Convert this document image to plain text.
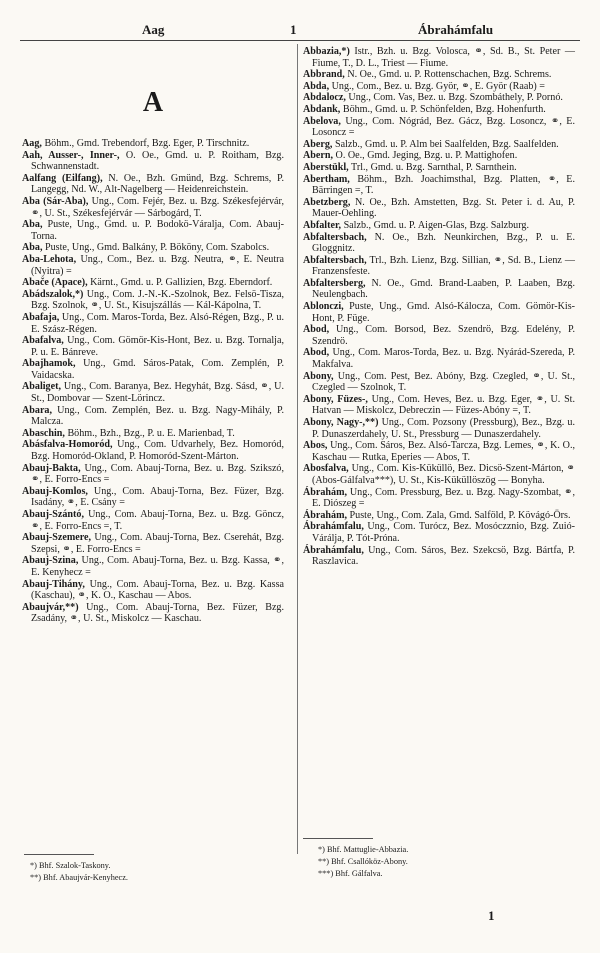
Aag	1	Ábrahámfalu
A

Aag, Böhm., Gmd. Trebendorf, Bzg. Eger, P. Tirschnitz.

Aah, Ausser-, Inner-, O. Oe., Gmd. u. P. Roitham, Bzg. Schwannenstadt.

Aalfang (Eilfang), N. Oe., Bzh. Gmünd, Bzg. Schrems, P. Langegg, Nd. W., Alt-Nagelberg — Heidenreichstein.

Aba (Sár-Aba), Ung., Com. Fejér, Bez. u. Bzg. Székesfejérvár, ⚭, U. St., Székesfejérvár — Sárbogárd, T.

Aba, Puste, Ung., Gmd. u. P. Bodokö-Váralja, Com. Abauj-Torna.

Aba, Puste, Ung., Gmd. Balkány, P. Bököny, Com. Szabolcs.

Aba-Lehota, Ung., Com., Bez. u. Bzg. Neutra, ⚭, E. Neutra (Nyitra) =

Abače (Apace), Kärnt., Gmd. u. P. Gallizien, Bzg. Eberndorf.

Abádszalok,*) Ung., Com. J.-N.-K.-Szolnok, Bez. Felsö-Tisza, Bzg. Szolnok, ⚭, U. St., Kisujszállás — Kál-Kápolna, T.

Abafaja, Ung., Com. Maros-Torda, Bez. Alsó-Régen, Bzg., P. u. E. Szász-Régen.

Abafalva, Ung., Com. Gömör-Kis-Hont, Bez. u. Bzg. Tornalja, P. u. E. Bánreve.

Abajhamok, Ung., Gmd. Sáros-Patak, Com. Zemplén, P. Vaidacska.

Abaliget, Ung., Com. Baranya, Bez. Hegyhát, Bzg. Sásd, ⚭, U. St., Dombovar — Szent-Lörincz.

Abara, Ung., Com. Zemplén, Bez. u. Bzg. Nagy-Mihály, P. Malcza.

Abaschin, Böhm., Bzh., Bzg., P. u. E. Marienbad, T.

Abásfalva-Homoród, Ung., Com. Udvarhely, Bez. Homoród, Bzg. Homoród-Okland, P. Homoród-Szent-Márton.

Abauj-Bakta, Ung., Com. Abauj-Torna, Bez. u. Bzg. Szikszó, ⚭, E. Forro-Encs =

Abauj-Komlos, Ung., Com. Abauj-Torna, Bez. Füzer, Bzg. Isadány, ⚭, E. Csány =

Abauj-Szántó, Ung., Com. Abauj-Torna, Bez. u. Bzg. Göncz, ⚭, E. Forro-Encs =, T.

Abauj-Szemere, Ung., Com. Abauj-Torna, Bez. Cserehát, Bzg. Szepsi, ⚭, E. Forro-Encs =

Abauj-Szina, Ung., Com. Abauj-Torna, Bez. u. Bzg. Kassa, ⚭, E. Kenyhecz =

Abauj-Tihány, Ung., Com. Abauj-Torna, Bez. u. Bzg. Kassa (Kaschau), ⚭, K. O., Kaschau — Abos.

Abaujvár,**) Ung., Com. Abauj-Torna, Bez. Füzer, Bzg. Zsadány, ⚭, U. St., Miskolcz — Kaschau.

Abbazia,*) Istr., Bzh. u. Bzg. Volosca, ⚭, Sd. B., St. Peter — Fiume, T., D. L., Triest — Fiume.

Abbrand, N. Oe., Gmd. u. P. Rottenschachen, Bzg. Schrems.

Abda, Ung., Com., Bez. u. Bzg. Györ, ⚭, E. Györ (Raab) =

Abdalocz, Ung., Com. Vas, Bez. u. Bzg. Szombáthely, P. Pornó.

Abdank, Böhm., Gmd. u. P. Schönfelden, Bzg. Hohenfurth.

Abelova, Ung., Com. Nógrád, Bez. Gácz, Bzg. Losoncz, ⚭, E. Losoncz =

Aberg, Salzb., Gmd. u. P. Alm bei Saalfelden, Bzg. Saalfelden.

Abern, O. Oe., Gmd. Jeging, Bzg. u. P. Mattighofen.

Aberstükl, Trl., Gmd. u. Bzg. Sarnthal, P. Sarnthein.

Abertham, Böhm., Bzh. Joachimsthal, Bzg. Platten, ⚭, E. Bärringen =, T.

Abetzberg, N. Oe., Bzh. Amstetten, Bzg. St. Peter i. d. Au, P. Mauer-Oehling.

Abfalter, Salzb., Gmd. u. P. Aigen-Glas, Bzg. Salzburg.

Abfaltersbach, N. Oe., Bzh. Neunkirchen, Bzg., P. u. E. Gloggnitz.

Abfaltersbach, Trl., Bzh. Lienz, Bzg. Sillian, ⚭, Sd. B., Lienz — Franzensfeste.

Abfaltersberg, N. Oe., Gmd. Brand-Laaben, P. Laaben, Bzg. Neulengbach.

Ablonczi, Puste, Ung., Gmd. Alsó-Kálocza, Com. Gömör-Kis-Hont, P. Füge.

Abod, Ung., Com. Borsod, Bez. Szendrö, Bzg. Edelény, P. Szendrö.

Abod, Ung., Com. Maros-Torda, Bez. u. Bzg. Nyárád-Szereda, P. Makfalva.

Abony, Ung., Com. Pest, Bez. Abóny, Bzg. Czegled, ⚭, U. St., Czegled — Szolnok, T.

Abony, Füzes-, Ung., Com. Heves, Bez. u. Bzg. Eger, ⚭, U. St. Hatvan — Miskolcz, Debreczin — Füzes-Abóny =, T.

Abony, Nagy-,**) Ung., Com. Pozsony (Pressburg), Bez., Bzg. u. P. Dunaszerdahely, U. St., Pressburg — Dunaszerdahely.

Abos, Ung., Com. Sáros, Bez. Alsó-Tarcza, Bzg. Lemes, ⚭, K. O., Kaschau — Rutka, Eperies — Abos, T.

Abosfalva, Ung., Com. Kis-Küküllö, Bez. Dicsö-Szent-Márton, ⚭ (Abos-Gálfalva***), U. St., Kis-Küküllöszög — Bonyha.

Ábrahám, Ung., Com. Pressburg, Bez. u. Bzg. Nagy-Szombat, ⚭, E. Diószeg =

Ábrahám, Puste, Ung., Com. Zala, Gmd. Salföld, P. Kövágó-Örs.

Ábrahámfalu, Ung., Com. Turócz, Bez. Mosóczznio, Bzg. Zuió-Várálja, P. Tót-Próna.

Ábrahámfalu, Ung., Com. Sáros, Bez. Szekcsö, Bzg. Bártfa, P. Raszlavica.

*) Bhf. Szalok-Taskony.
**) Bhf. Abaujvár-Kenyhecz.
*) Bhf. Mattuglie-Abbazia.
**) Bhf. Csallóköz-Abony.
***) Bhf. Gálfalva.
1
